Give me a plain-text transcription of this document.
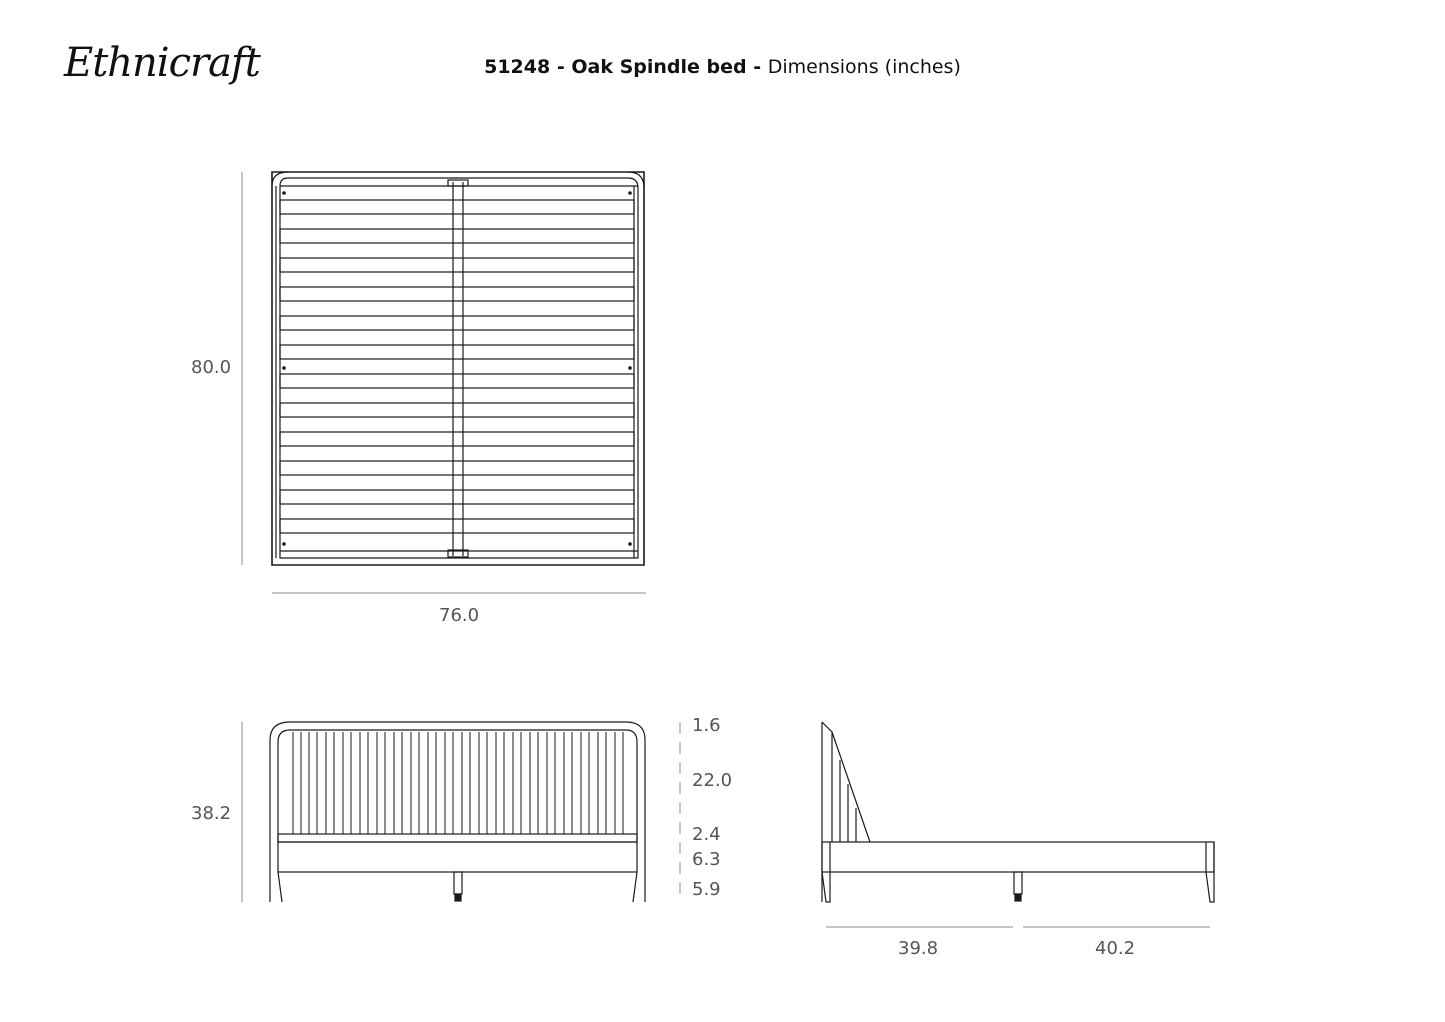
Ethnicraft	51248 - Oak Spindle bed - Dimensions (inches)
80.0
76.0
38.2
1.6
22.0
2.4
6.3
5.9
39.8	40.2
